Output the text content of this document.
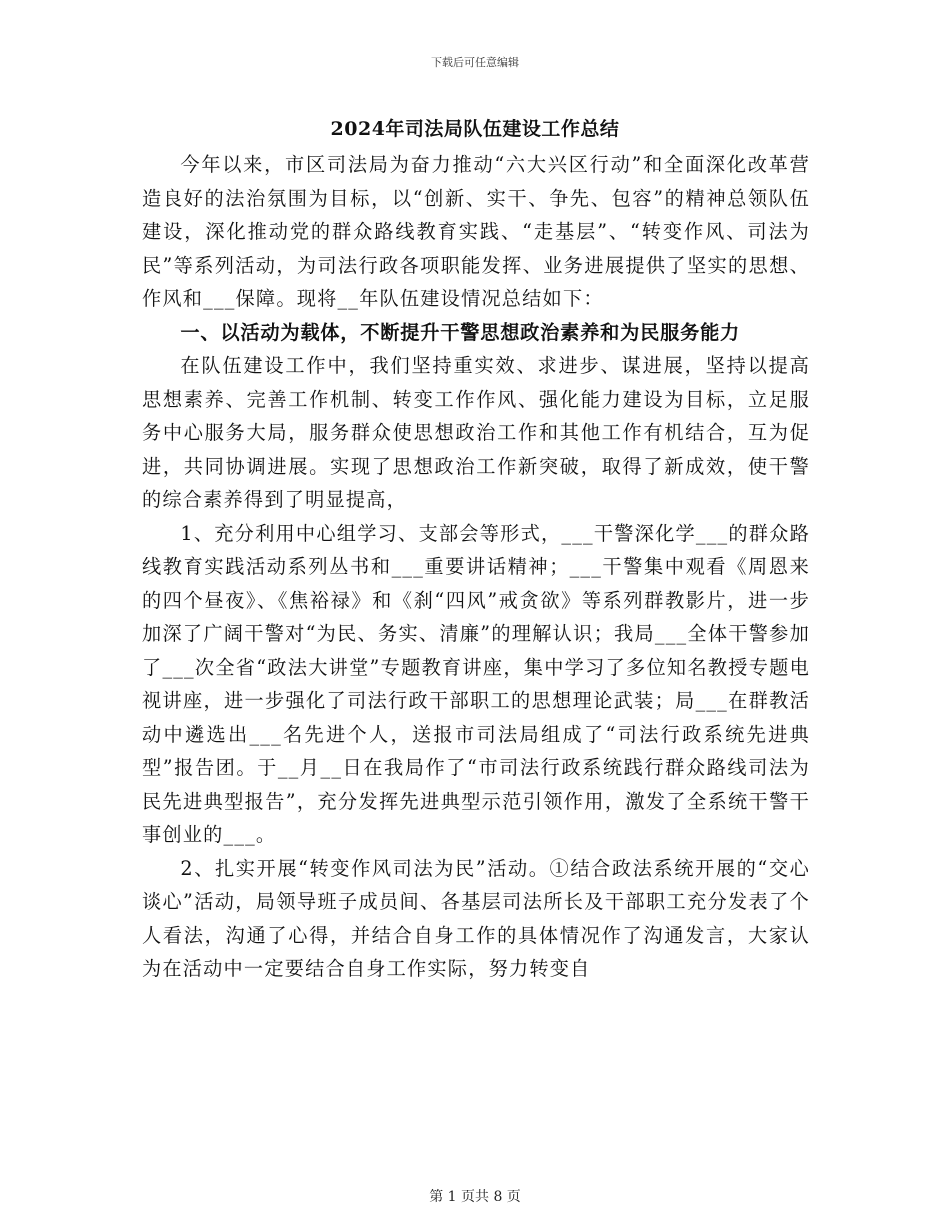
下载后可任意编辑
2024年司法局队伍建设工作总结

今年以来，市区司法局为奋力推动“六大兴区行动”和全面深化改革营造良好的法治氛围为目标，以“创新、实干、争先、包容”的精神总领队伍建设，深化推动党的群众路线教育实践、“走基层”、“转变作风、司法为民”等系列活动，为司法行政各项职能发挥、业务进展提供了坚实的思想、作风和___保障。现将__年队伍建设情况总结如下：

一、以活动为载体，不断提升干警思想政治素养和为民服务能力

在队伍建设工作中，我们坚持重实效、求进步、谋进展，坚持以提高思想素养、完善工作机制、转变工作作风、强化能力建设为目标，立足服务中心服务大局，服务群众使思想政治工作和其他工作有机结合，互为促进，共同协调进展。实现了思想政治工作新突破，取得了新成效，使干警的综合素养得到了明显提高，

1、充分利用中心组学习、支部会等形式，___干警深化学___的群众路线教育实践活动系列丛书和___重要讲话精神；___干警集中观看《周恩来的四个昼夜》、《焦裕禄》和《刹“四风”戒贪欲》等系列群教影片，进一步加深了广阔干警对“为民、务实、清廉”的理解认识；我局___全体干警参加了___次全省“政法大讲堂”专题教育讲座，集中学习了多位知名教授专题电视讲座，进一步强化了司法行政干部职工的思想理论武装；局___在群教活动中遴选出___名先进个人，送报市司法局组成了“司法行政系统先进典型”报告团。于__月__日在我局作了“市司法行政系统践行群众路线司法为民先进典型报告”，充分发挥先进典型示范引领作用，激发了全系统干警干事创业的___。

2、扎实开展“转变作风司法为民”活动。①结合政法系统开展的“交心谈心”活动，局领导班子成员间、各基层司法所长及干部职工充分发表了个人看法，沟通了心得，并结合自身工作的具体情况作了沟通发言，大家认为在活动中一定要结合自身工作实际，努力转变自

第 1 页共 8 页
